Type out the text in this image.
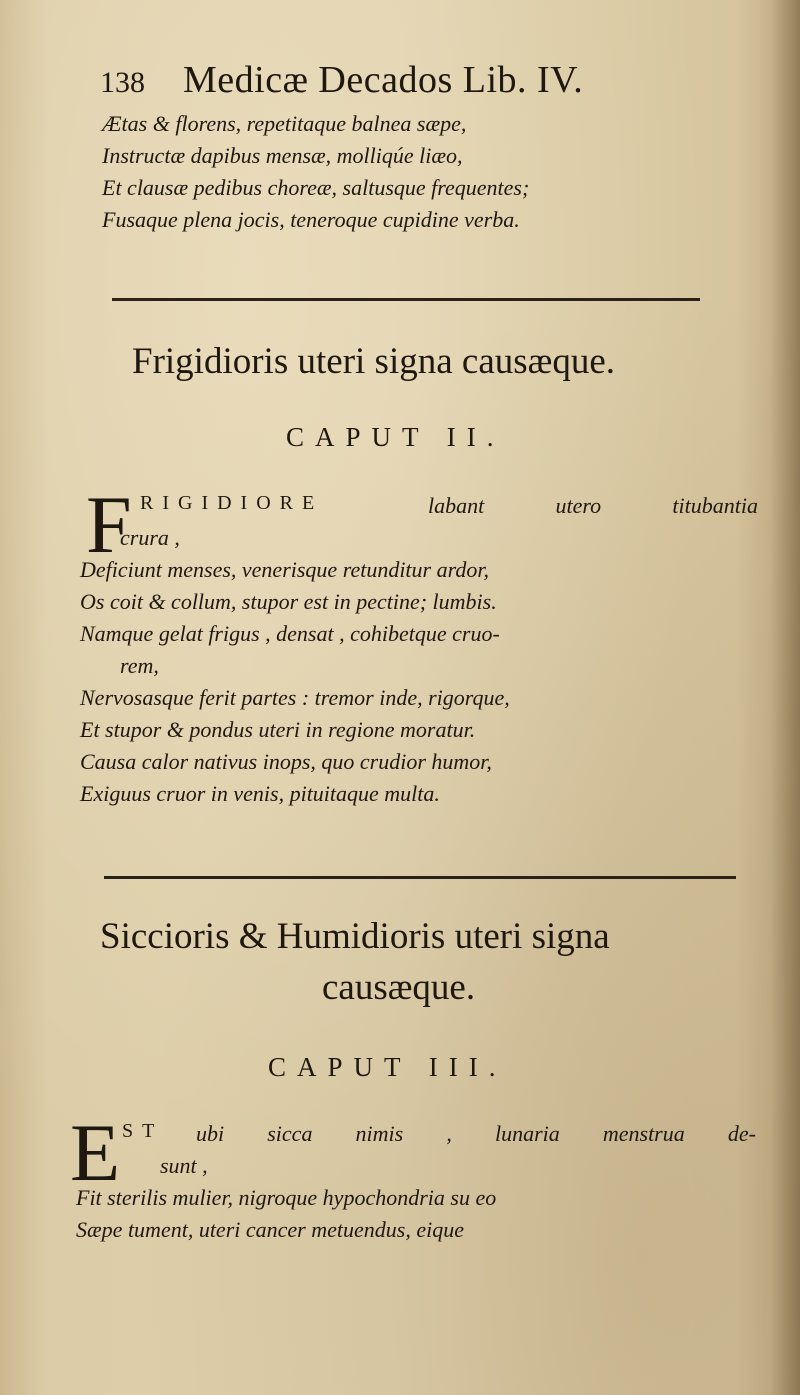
138 Medicæ Decados Lib. IV.
Ætas & florens, repetitaque balnea sæpe,
Instructæ dapibus mensæ, molliqúe liæo,
Et clausæ pedibus choreæ, saltusque frequentes;
Fusaque plena jocis, teneroque cupidine verba.
Frigidioris uteri signa causæque.
CAPUT II.
F RIGIDIORE	labant	utero	titubantia
crura ,
Deficiunt menses, venerisque retunditur ardor,
Os coit & collum, stupor est in pectine; lumbis.
Namque gelat frigus , densat , cohibetque cruo-
rem,
Nervosasque ferit partes : tremor inde, rigorque,
Et stupor & pondus uteri in regione moratur.
Causa calor nativus inops, quo crudior humor,
Exiguus cruor in venis, pituitaque multa.
Siccioris & Humidioris uteri signa
causæque.
CAPUT III.
E ST ubi sicca nimis , lunaria menstrua de-
sunt ,
Fit sterilis mulier, nigroque hypochondria su eo
Sæpe tument, uteri cancer metuendus, eique
